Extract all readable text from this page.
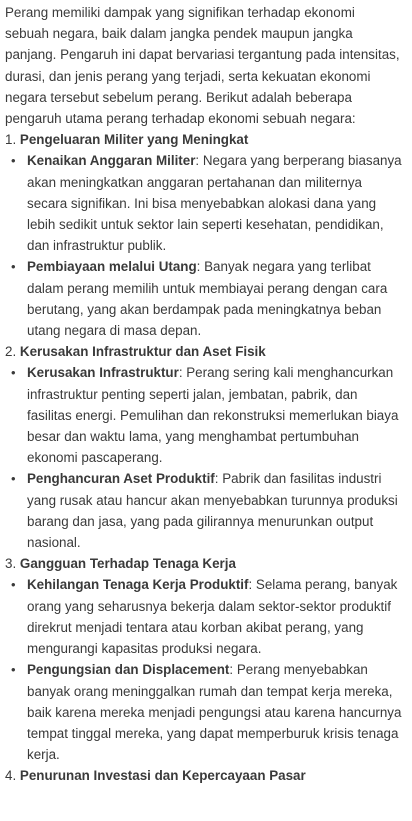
Perang memiliki dampak yang signifikan terhadap ekonomi sebuah negara, baik dalam jangka pendek maupun jangka panjang. Pengaruh ini dapat bervariasi tergantung pada intensitas, durasi, dan jenis perang yang terjadi, serta kekuatan ekonomi negara tersebut sebelum perang. Berikut adalah beberapa pengaruh utama perang terhadap ekonomi sebuah negara:

1. Pengeluaran Militer yang Meningkat

• Kenaikan Anggaran Militer: Negara yang berperang biasanya akan meningkatkan anggaran pertahanan dan militernya secara signifikan. Ini bisa menyebabkan alokasi dana yang lebih sedikit untuk sektor lain seperti kesehatan, pendidikan, dan infrastruktur publik.
• Pembiayaan melalui Utang: Banyak negara yang terlibat dalam perang memilih untuk membiayai perang dengan cara berutang, yang akan berdampak pada meningkatnya beban utang negara di masa depan.

2. Kerusakan Infrastruktur dan Aset Fisik

• Kerusakan Infrastruktur: Perang sering kali menghancurkan infrastruktur penting seperti jalan, jembatan, pabrik, dan fasilitas energi. Pemulihan dan rekonstruksi memerlukan biaya besar dan waktu lama, yang menghambat pertumbuhan ekonomi pascaperang.
• Penghancuran Aset Produktif: Pabrik dan fasilitas industri yang rusak atau hancur akan menyebabkan turunnya produksi barang dan jasa, yang pada gilirannya menurunkan output nasional.

3. Gangguan Terhadap Tenaga Kerja

• Kehilangan Tenaga Kerja Produktif: Selama perang, banyak orang yang seharusnya bekerja dalam sektor-sektor produktif direkrut menjadi tentara atau korban akibat perang, yang mengurangi kapasitas produksi negara.
• Pengungsian dan Displacement: Perang menyebabkan banyak orang meninggalkan rumah dan tempat kerja mereka, baik karena mereka menjadi pengungsi atau karena hancurnya tempat tinggal mereka, yang dapat memperburuk krisis tenaga kerja.

4. Penurunan Investasi dan Kepercayaan Pasar
